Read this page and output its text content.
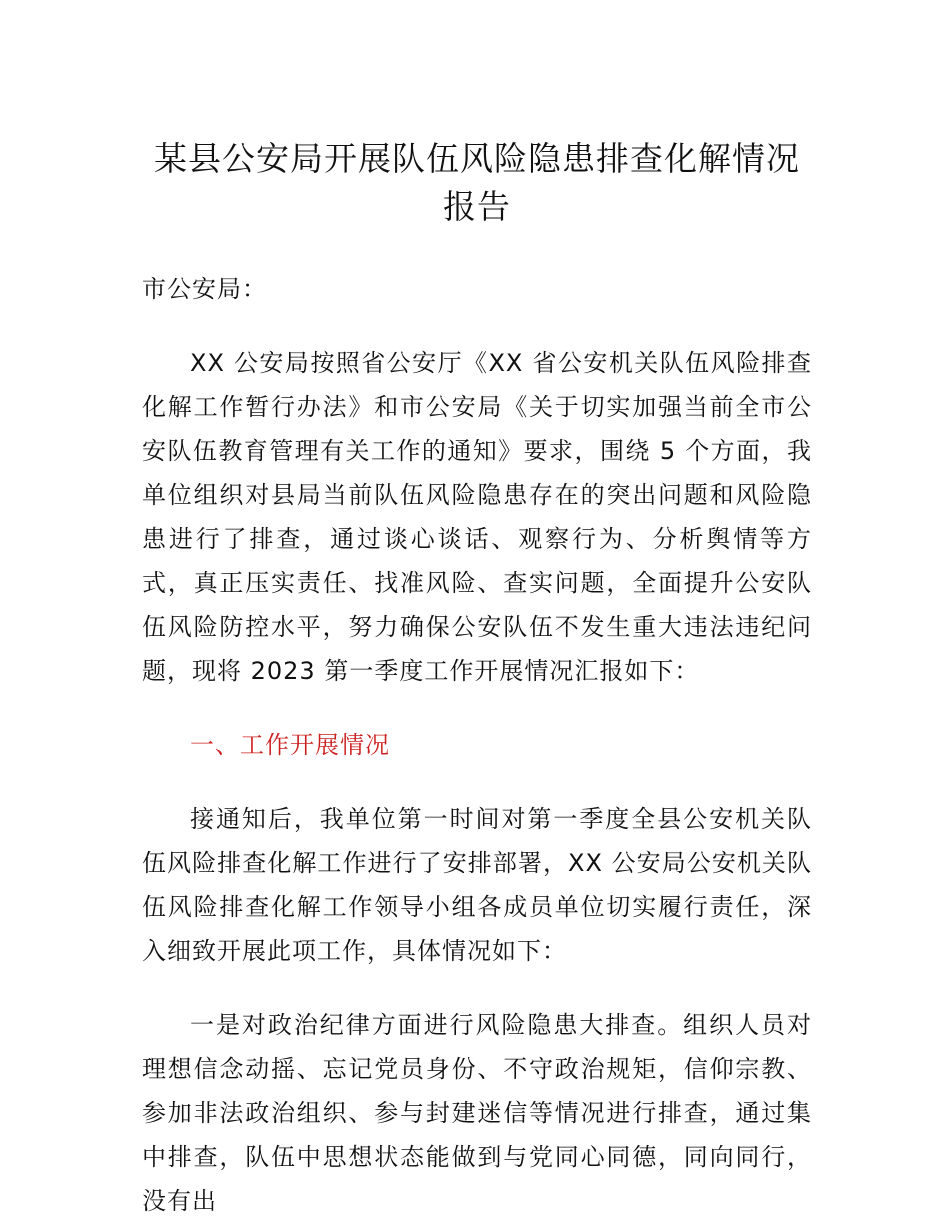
某县公安局开展队伍风险隐患排查化解情况
报告

市公安局：

XX 公安局按照省公安厅《XX 省公安机关队伍风险排查化解工作暂行办法》和市公安局《关于切实加强当前全市公安队伍教育管理有关工作的通知》要求，围绕 5 个方面，我单位组织对县局当前队伍风险隐患存在的突出问题和风险隐患进行了排查，通过谈心谈话、观察行为、分析舆情等方式，真正压实责任、找准风险、查实问题，全面提升公安队伍风险防控水平，努力确保公安队伍不发生重大违法违纪问题，现将 2023 第一季度工作开展情况汇报如下：

一、工作开展情况

接通知后，我单位第一时间对第一季度全县公安机关队伍风险排查化解工作进行了安排部署，XX 公安局公安机关队伍风险排查化解工作领导小组各成员单位切实履行责任，深入细致开展此项工作，具体情况如下：

一是对政治纪律方面进行风险隐患大排查。组织人员对理想信念动摇、忘记党员身份、不守政治规矩，信仰宗教、参加非法政治组织、参与封建迷信等情况进行排查，通过集中排查，队伍中思想状态能做到与党同心同德，同向同行，没有出
